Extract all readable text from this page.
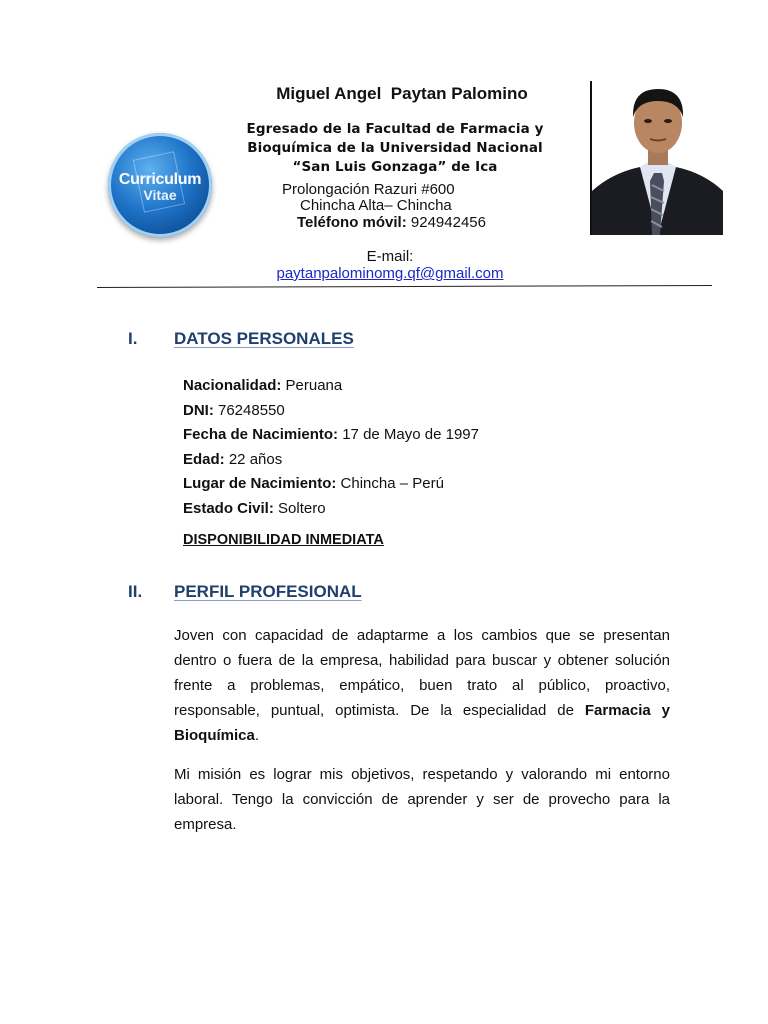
Miguel Angel  Paytan Palomino
Egresado de la Facultad de Farmacia y Bioquímica de la Universidad Nacional “San Luis Gonzaga” de Ica
Prolongación Razuri #600
Chincha Alta– Chincha
Teléfono móvil: 924942456
E-mail:
paytanpalominomg.qf@gmail.com
Curriculum
Vitae
I. DATOS PERSONALES
Nacionalidad: Peruana
DNI: 76248550
Fecha de Nacimiento: 17 de Mayo de 1997
Edad: 22 años
Lugar de Nacimiento: Chincha – Perú
Estado Civil: Soltero
DISPONIBILIDAD INMEDIATA
II. PERFIL PROFESIONAL
Joven con capacidad de adaptarme a los cambios que se presentan dentro o fuera de la empresa, habilidad para buscar y obtener solución frente a problemas, empático, buen trato al público, proactivo, responsable, puntual, optimista. De la especialidad de Farmacia y Bioquímica.
Mi misión es lograr mis objetivos, respetando y valorando mi entorno laboral. Tengo la convicción de aprender y ser de provecho para la empresa.
